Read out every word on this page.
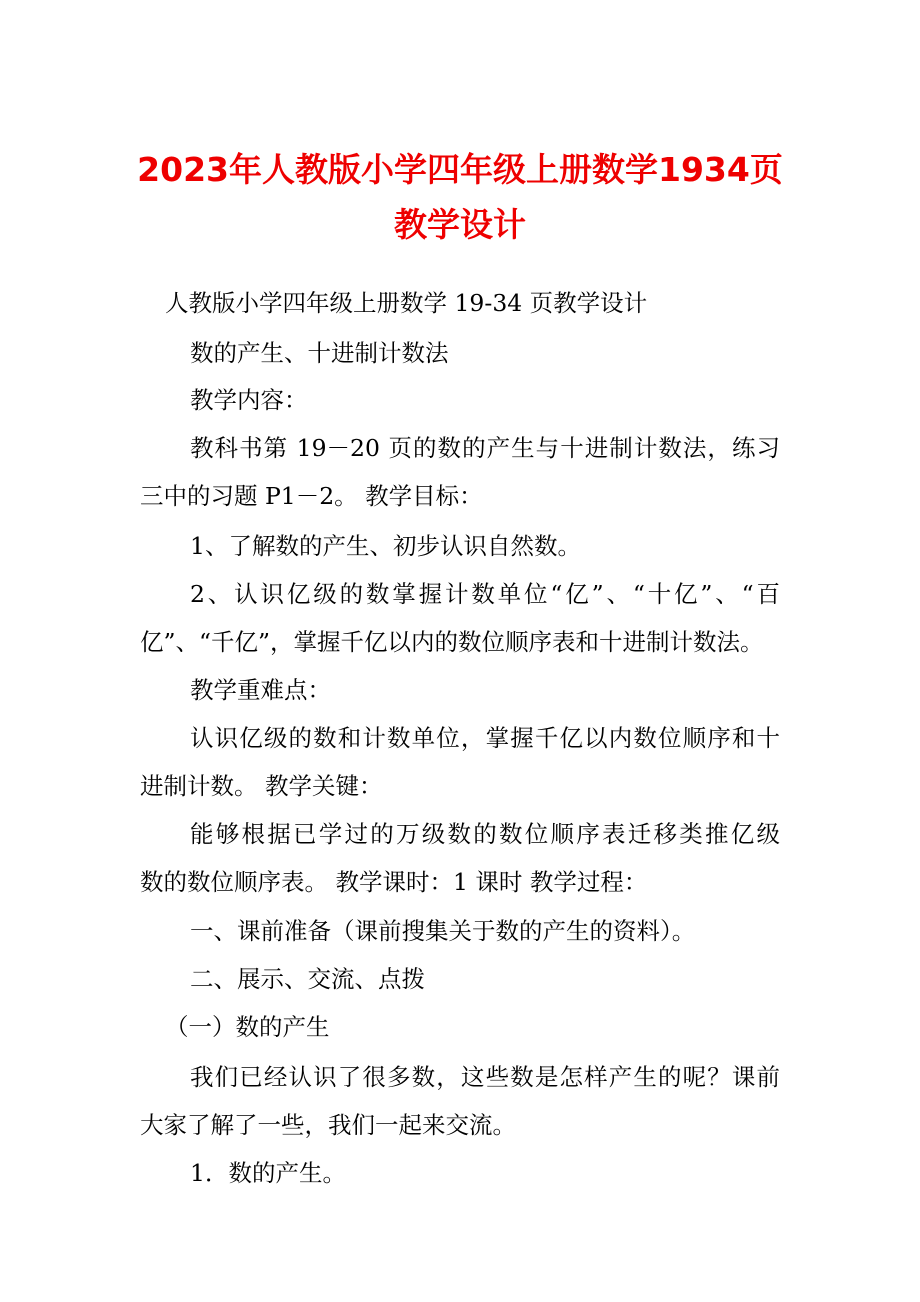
2023年人教版小学四年级上册数学1934页
教学设计
人教版小学四年级上册数学 19-34 页教学设计
数的产生、十进制计数法
教学内容：
教科书第 19－20 页的数的产生与十进制计数法，练习
三中的习题 P1－2。 教学目标：
1、了解数的产生、初步认识自然数。
2、认识亿级的数掌握计数单位“亿”、“十亿”、“百
亿”、“千亿”，掌握千亿以内的数位顺序表和十进制计数法。
教学重难点：
认识亿级的数和计数单位，掌握千亿以内数位顺序和十
进制计数。 教学关键：
能够根据已学过的万级数的数位顺序表迁移类推亿级
数的数位顺序表。 教学课时：1 课时 教学过程：
一、课前准备（课前搜集关于数的产生的资料）。
二、展示、交流、点拨
（一）数的产生
我们已经认识了很多数，这些数是怎样产生的呢？课前
大家了解了一些，我们一起来交流。
1．数的产生。
